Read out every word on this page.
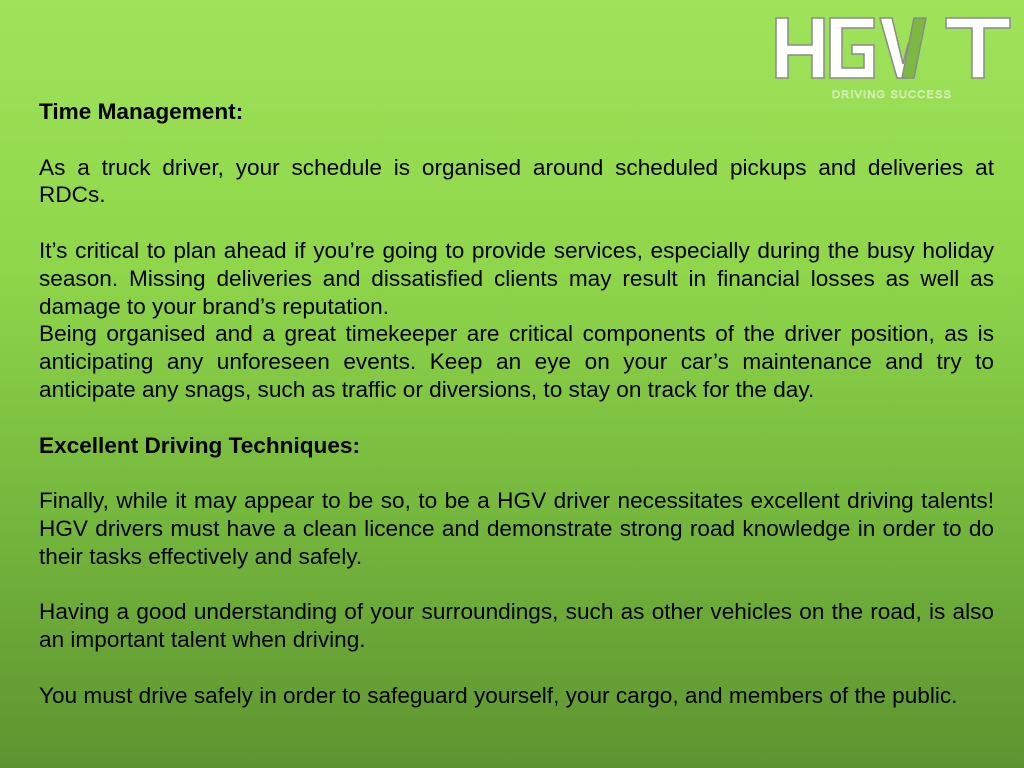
DRIVING SUCCESS

Time Management:

As a truck driver, your schedule is organised around scheduled pickups and deliveries at RDCs.

It’s critical to plan ahead if you’re going to provide services, especially during the busy holiday season. Missing deliveries and dissatisfied clients may result in financial losses as well as damage to your brand’s reputation.

Being organised and a great timekeeper are critical components of the driver position, as is anticipating any unforeseen events. Keep an eye on your car’s maintenance and try to anticipate any snags, such as traffic or diversions, to stay on track for the day.

Excellent Driving Techniques:

Finally, while it may appear to be so, to be a HGV driver necessitates excellent driving talents! HGV drivers must have a clean licence and demonstrate strong road knowledge in order to do their tasks effectively and safely.

Having a good understanding of your surroundings, such as other vehicles on the road, is also an important talent when driving.

You must drive safely in order to safeguard yourself, your cargo, and members of the public.
